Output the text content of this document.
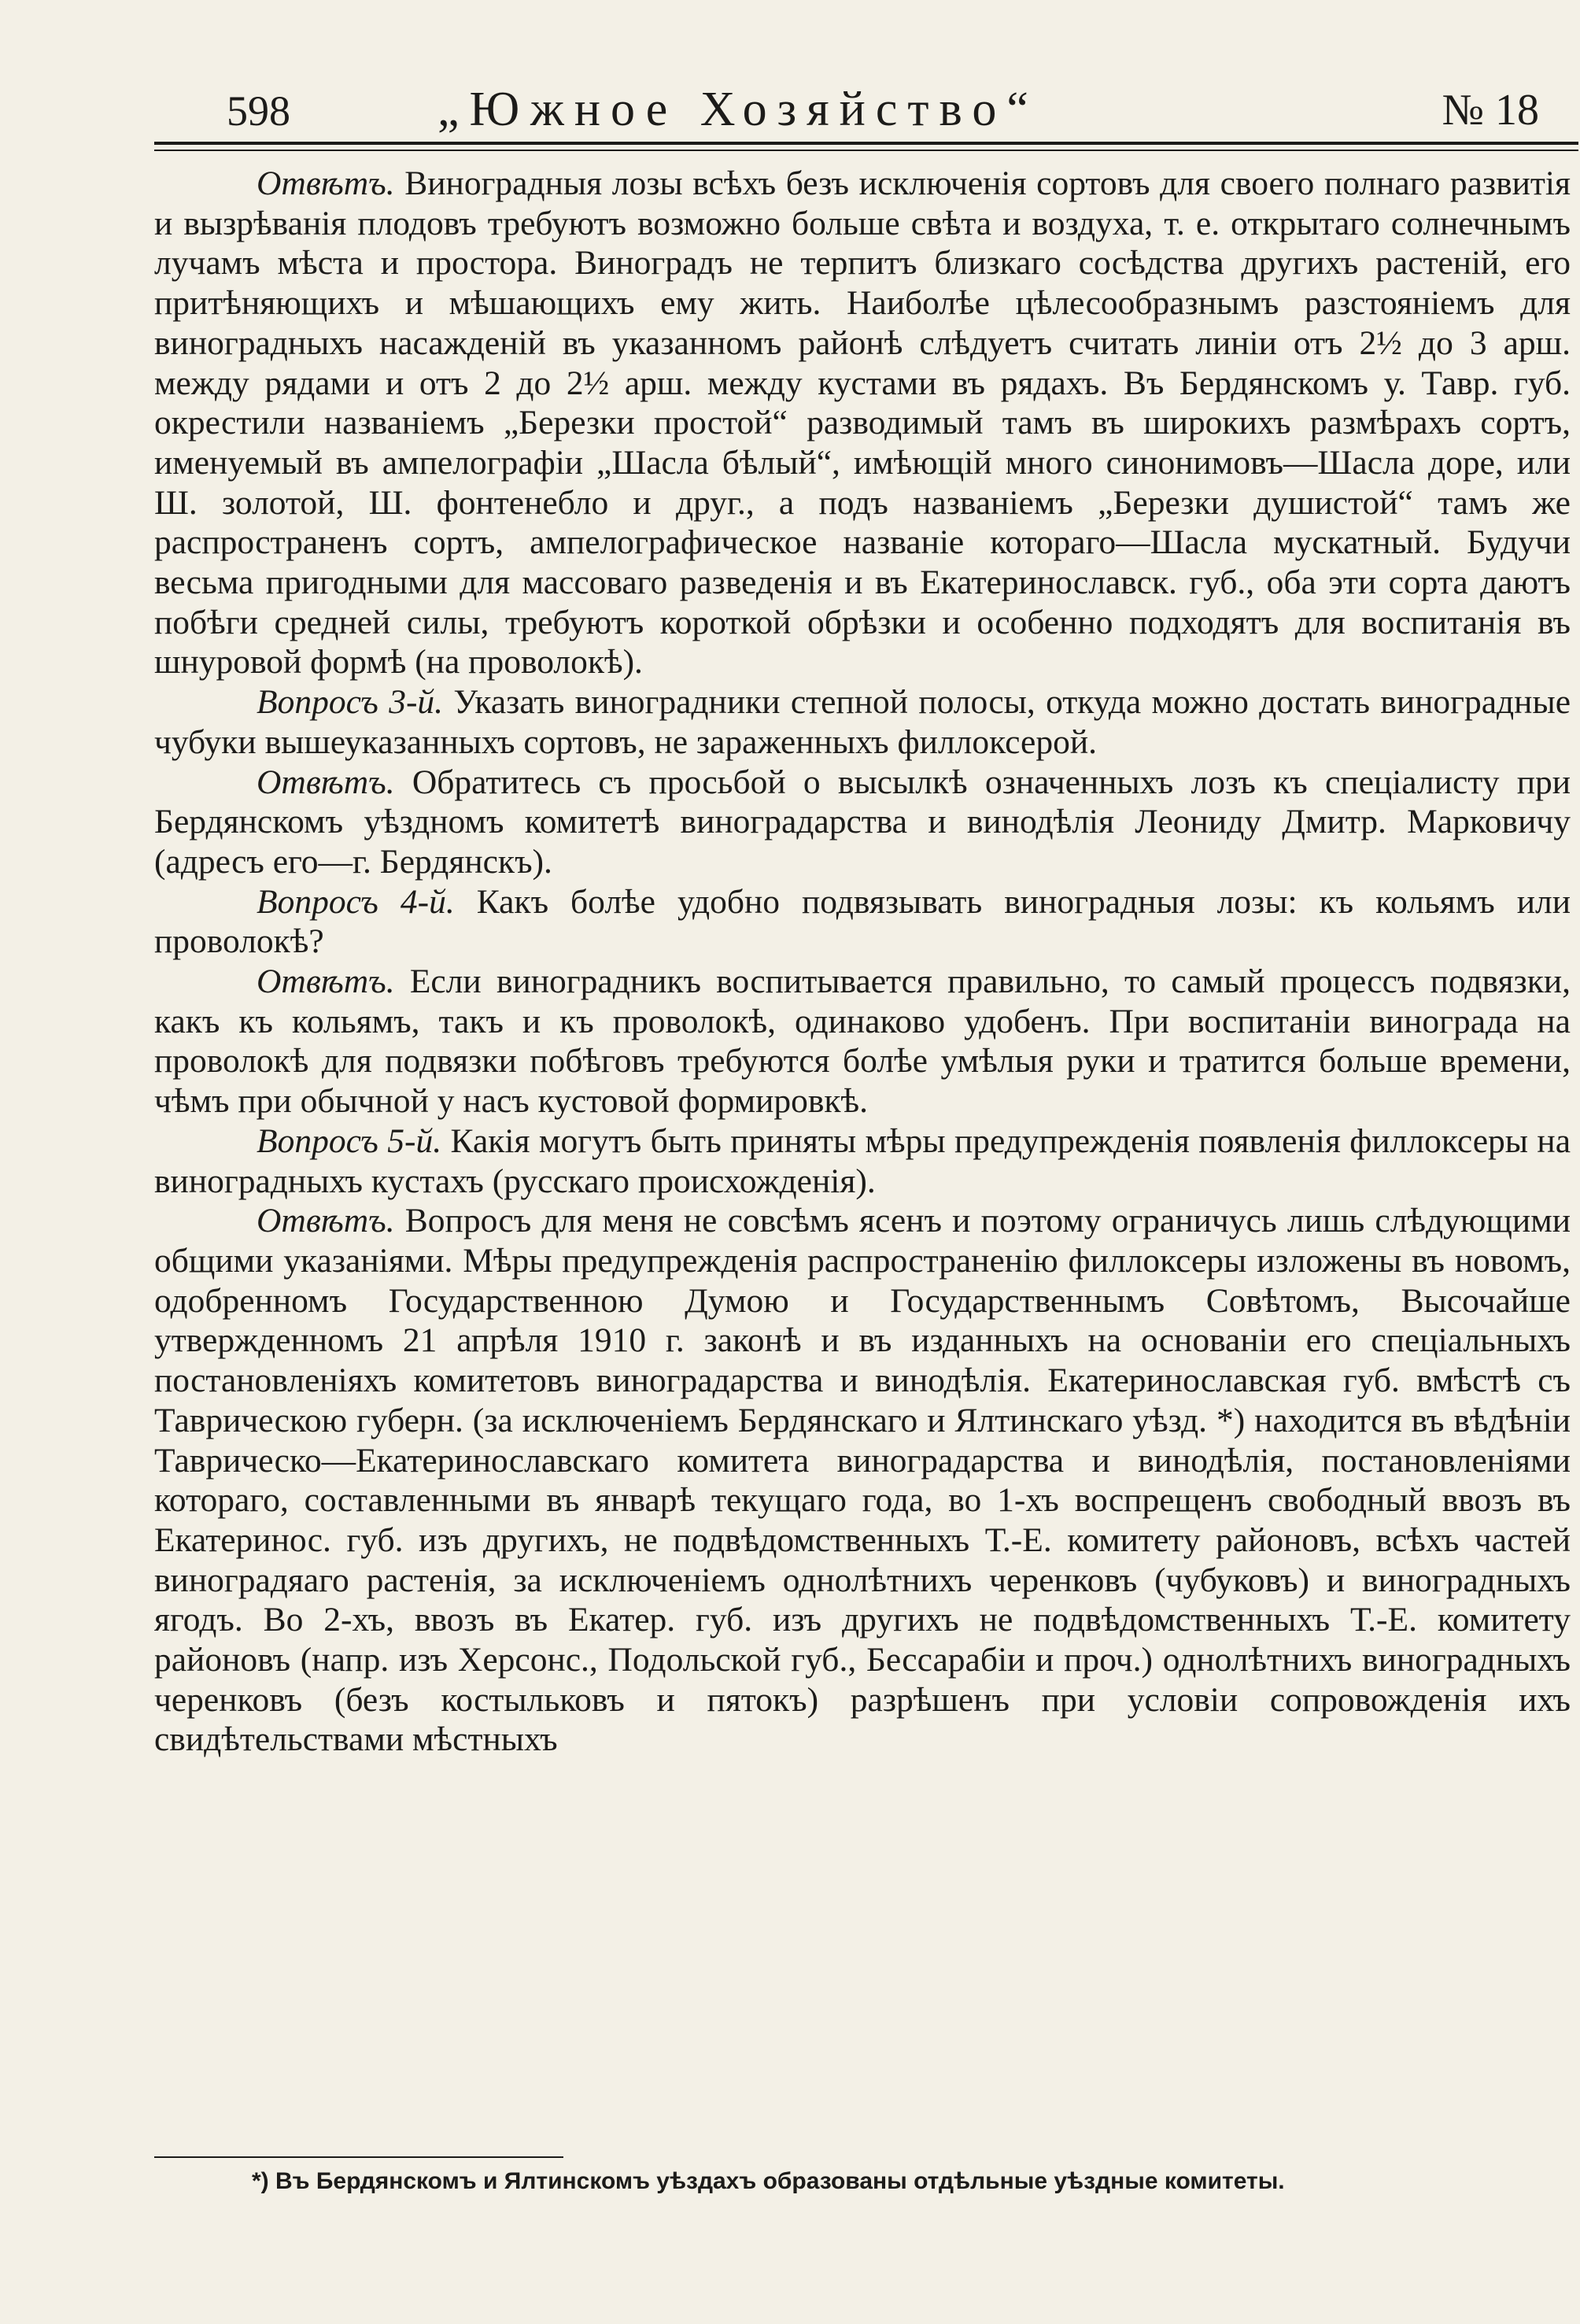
598	„Южное Хозяйство“	№ 18

Отвѣтъ. Виноградныя лозы всѣхъ безъ исключенія сортовъ для своего полнаго развитія и вызрѣванія плодовъ требуютъ возможно больше свѣта и воздуха, т. е. открытаго солнечнымъ лучамъ мѣста и простора. Виноградъ не терпитъ близкаго сосѣдства другихъ растеній, его притѣняющихъ и мѣшающихъ ему жить. Наиболѣе цѣлесообразнымъ разстояніемъ для виноградныхъ насажденій въ указанномъ районѣ слѣдуетъ считать линіи отъ 2½ до 3 арш. между рядами и отъ 2 до 2½ арш. между кустами въ рядахъ. Въ Бердянскомъ у. Тавр. губ. окрестили названіемъ „Березки простой“ разводимый тамъ въ широкихъ размѣрахъ сортъ, именуемый въ ампелографіи „Шасла бѣлый“, имѣющій много синонимовъ—Шасла доре, или Ш. золотой, Ш. фонтенебло и друг., а подъ названіемъ „Березки душистой“ тамъ же распространенъ сортъ, ампелографическое названіе котораго—Шасла мускатный. Будучи весьма пригодными для массоваго разведенія и въ Екатеринославск. губ., оба эти сорта даютъ побѣги средней силы, требуютъ короткой обрѣзки и особенно подходятъ для воспитанія въ шнуровой формѣ (на проволокѣ).

Вопросъ 3-й. Указать виноградники степной полосы, откуда можно достать виноградные чубуки вышеуказанныхъ сортовъ, не зараженныхъ филлоксерой.

Отвѣтъ. Обратитесь съ просьбой о высылкѣ означенныхъ лозъ къ спеціалисту при Бердянскомъ уѣздномъ комитетѣ виноградарства и винодѣлія Леониду Дмитр. Марковичу (адресъ его—г. Бердянскъ).

Вопросъ 4-й. Какъ болѣе удобно подвязывать виноградныя лозы: къ кольямъ или проволокѣ?

Отвѣтъ. Если виноградникъ воспитывается правильно, то самый процессъ подвязки, какъ къ кольямъ, такъ и къ проволокѣ, одинаково удобенъ. При воспитаніи винограда на проволокѣ для подвязки побѣговъ требуются болѣе умѣлыя руки и тратится больше времени, чѣмъ при обычной у насъ кустовой формировкѣ.

Вопросъ 5-й. Какія могутъ быть приняты мѣры предупрежденія появленія филлоксеры на виноградныхъ кустахъ (русскаго происхожденія).

Отвѣтъ. Вопросъ для меня не совсѣмъ ясенъ и поэтому ограничусь лишь слѣдующими общими указаніями. Мѣры предупрежденія распространенію филлоксеры изложены въ новомъ, одобренномъ Государственною Думою и Государственнымъ Совѣтомъ, Высочайше утвержденномъ 21 апрѣля 1910 г. законѣ и въ изданныхъ на основаніи его спеціальныхъ постановленіяхъ комитетовъ виноградарства и винодѣлія. Екатеринославская губ. вмѣстѣ съ Таврическою губерн. (за исключеніемъ Бердянскаго и Ялтинскаго уѣзд. *) находится въ вѣдѣніи Таврическо—Екатеринославскаго комитета виноградарства и винодѣлія, постановленіями котораго, составленными въ январѣ текущаго года, во 1-хъ воспрещенъ свободный ввозъ въ Екатеринос. губ. изъ другихъ, не подвѣдомственныхъ Т.-Е. комитету районовъ, всѣхъ частей виноградяаго растенія, за исключеніемъ однолѣтнихъ черенковъ (чубуковъ) и виноградныхъ ягодъ. Во 2-хъ, ввозъ въ Екатер. губ. изъ другихъ не подвѣдомственныхъ Т.-Е. комитету районовъ (напр. изъ Херсонс., Подольской губ., Бессарабіи и проч.) однолѣтнихъ виноградныхъ черенковъ (безъ костыльковъ и пятокъ) разрѣшенъ при условіи сопровожденія ихъ свидѣтельствами мѣстныхъ

*) Въ Бердянскомъ и Ялтинскомъ уѣздахъ образованы отдѣльные уѣздные комитеты.
